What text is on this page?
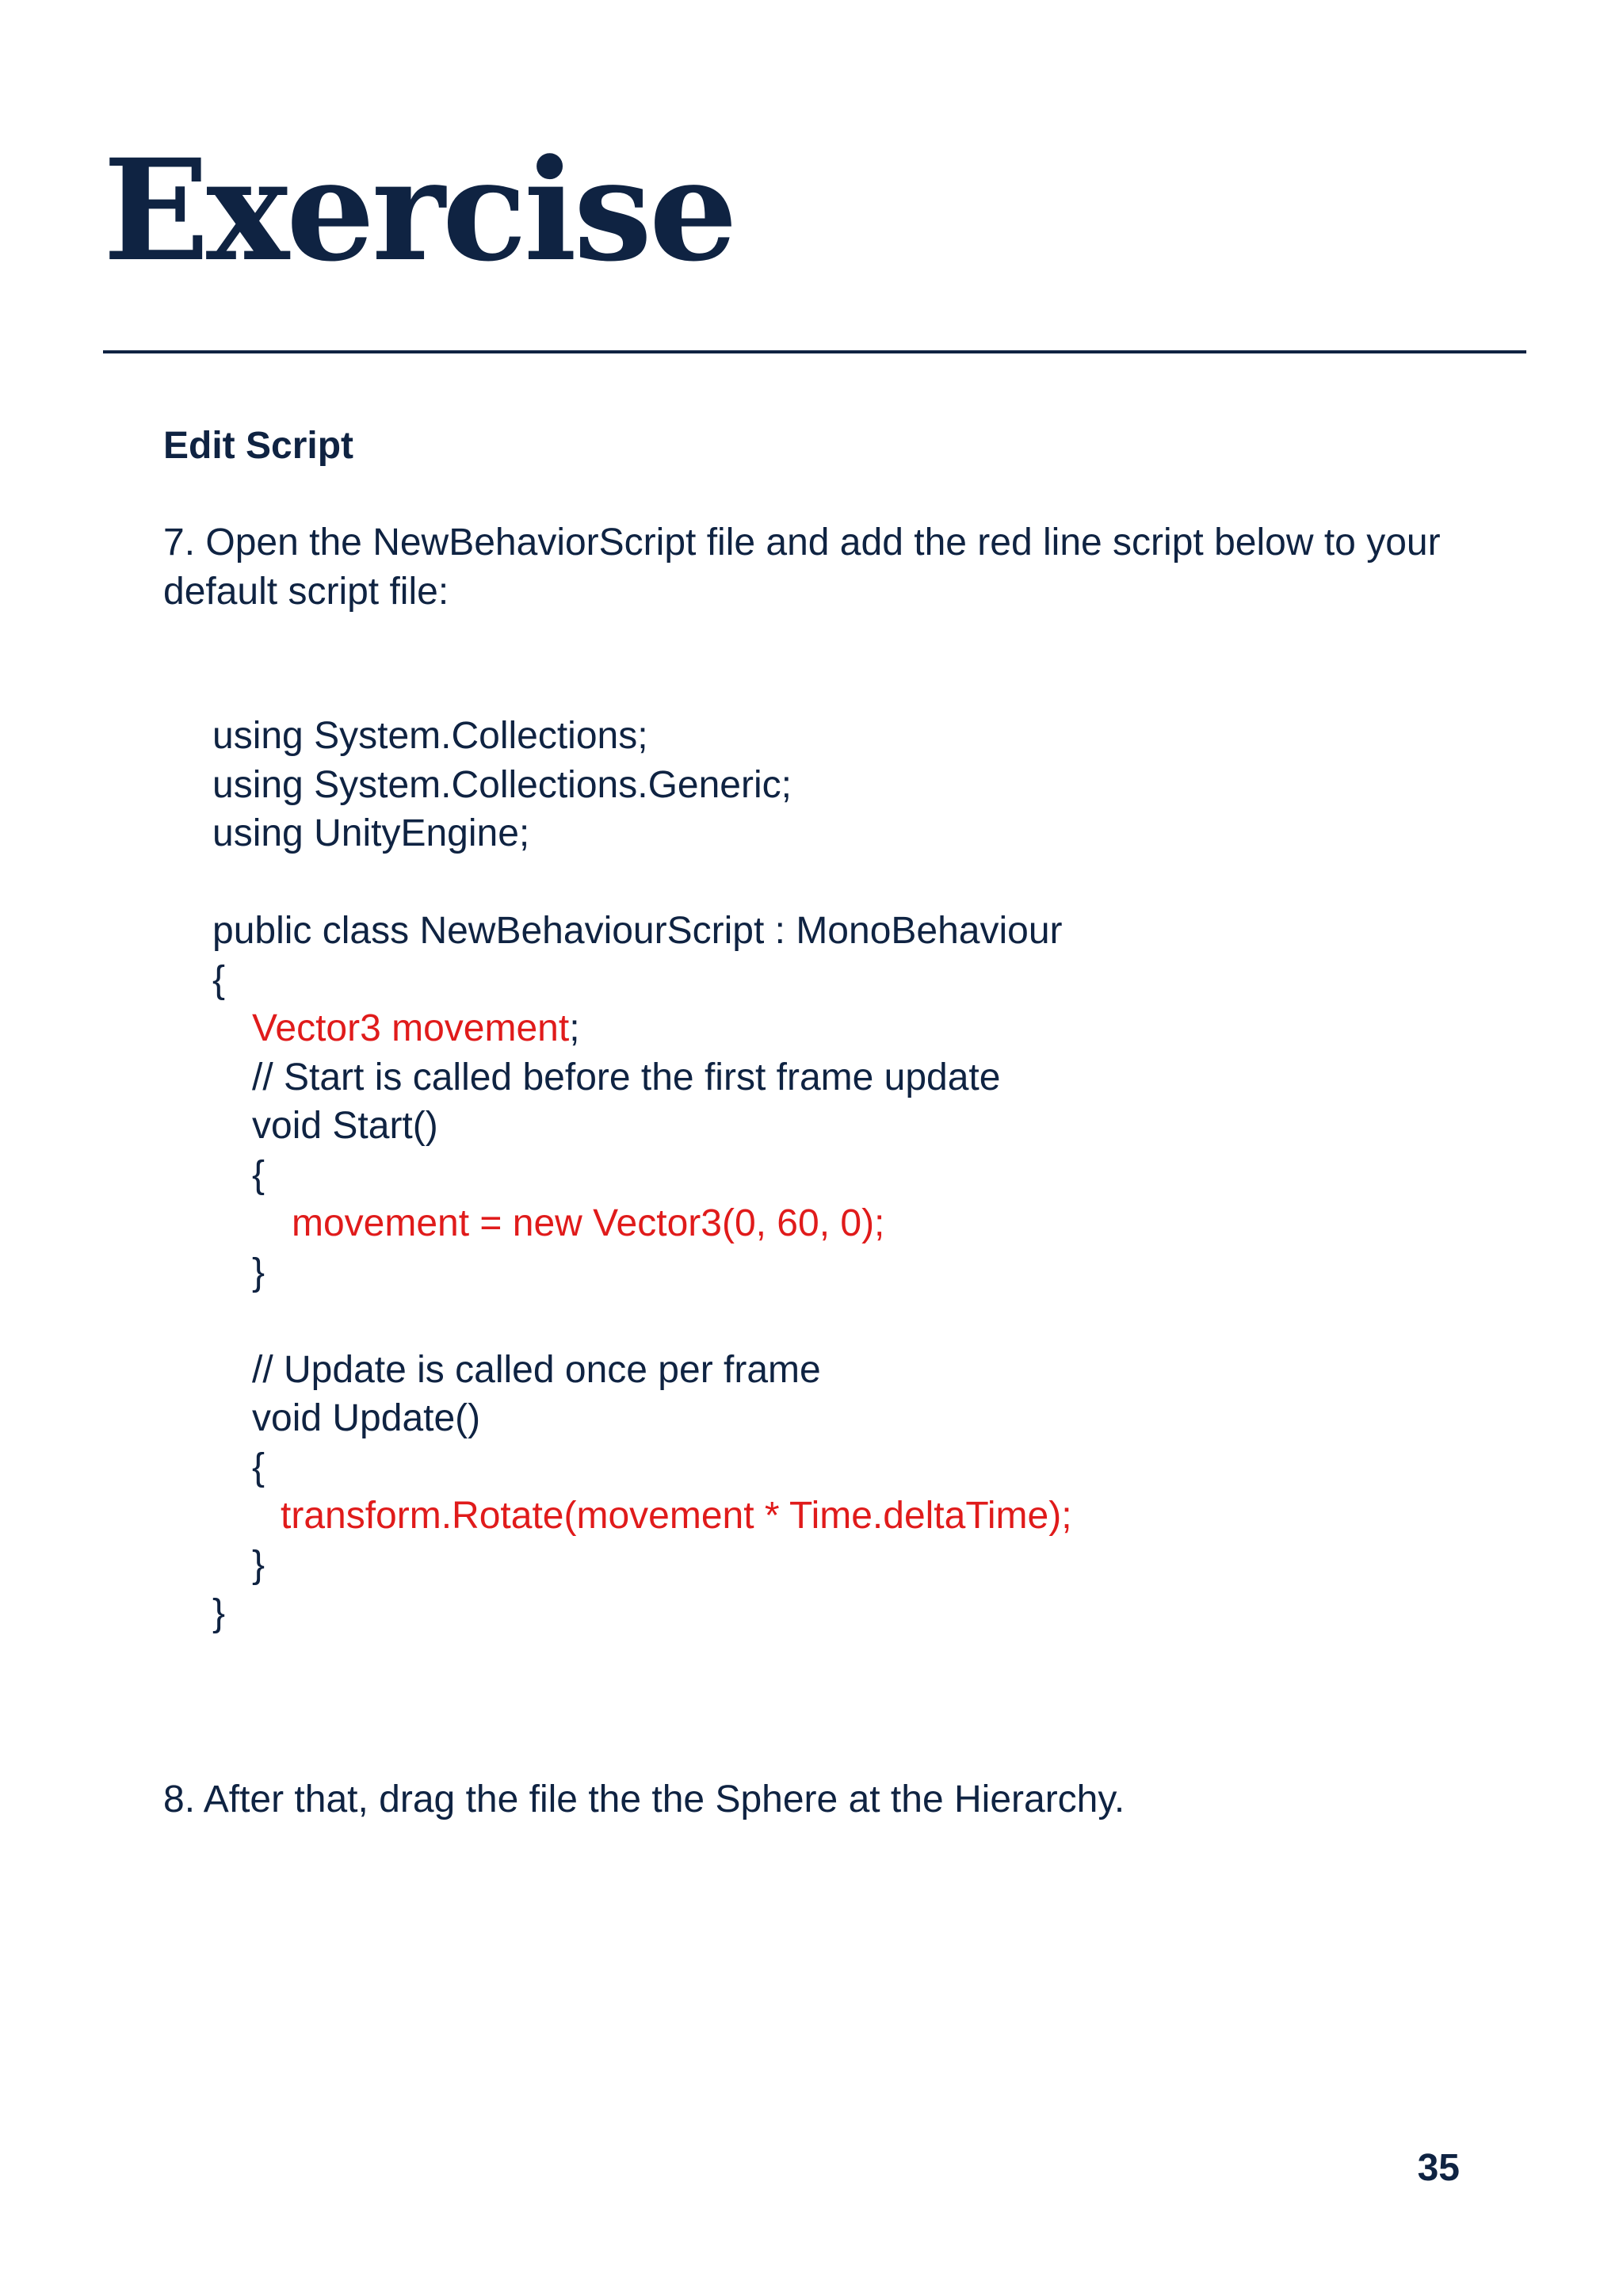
Exercise
Edit Script

7. Open the NewBehaviorScript file and add the red line script below to your default script file:

using System.Collections;
using System.Collections.Generic;
using UnityEngine;
public class NewBehaviourScript : MonoBehaviour
{
Vector3 movement;
// Start is called before the first frame update
void Start()
{
movement = new Vector3(0, 60, 0);
}
// Update is called once per frame
void Update()
{
transform.Rotate(movement * Time.deltaTime);
}
}

8. After that, drag the file the the Sphere at the Hierarchy.

35
